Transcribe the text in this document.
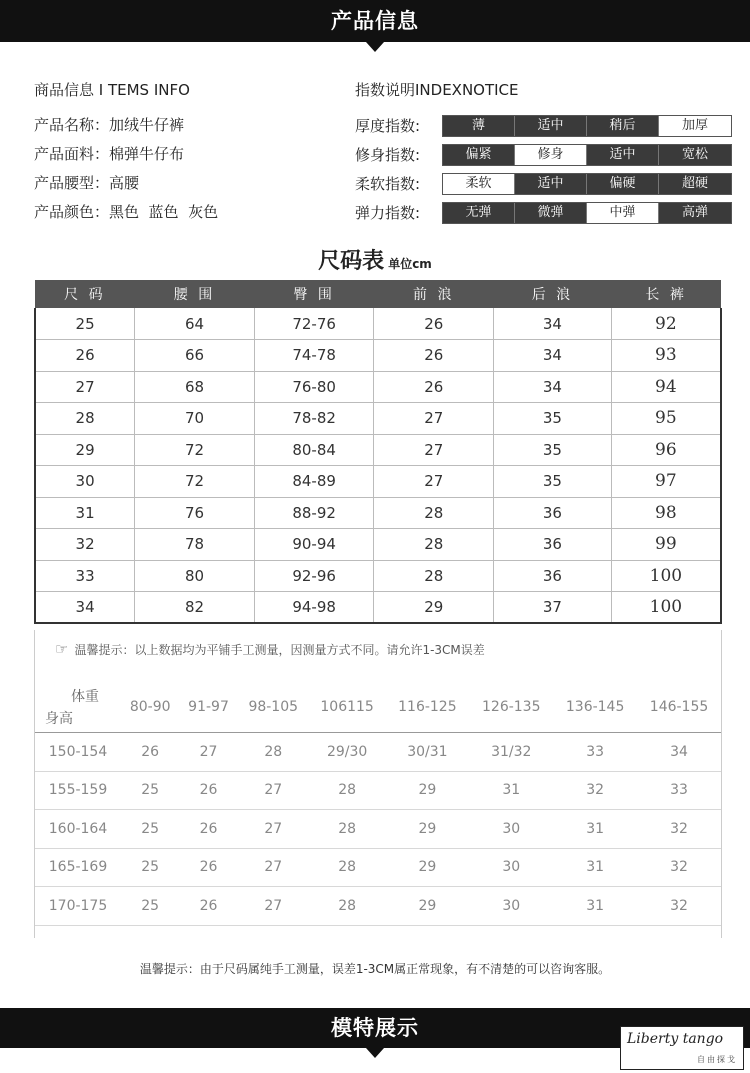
产品信息
商品信息 I TEMS INFO
产品名称：加绒牛仔裤
产品面料：棉弹牛仔布
产品腰型：高腰
产品颜色：黑色  蓝色  灰色
指数说明INDEXNOTICE
厚度指数:	薄	适中	稍后	加厚
修身指数:	偏紧	修身	适中	宽松
柔软指数:	柔软	适中	偏硬	超硬
弹力指数:	无弹	微弹	中弹	高弹
尺码表 单位cm
尺 码	腰 围	臀 围	前 浪	后 浪	长 裤
25	64	72-76	26	34	92
26	66	74-78	26	34	93
27	68	76-80	26	34	94
28	70	78-82	27	35	95
29	72	80-84	27	35	96
30	72	84-89	27	35	97
31	76	88-92	28	36	98
32	78	90-94	28	36	99
33	80	92-96	28	36	100
34	82	94-98	29	37	100
☞ 温馨提示：以上数据均为平铺手工测量，因测量方式不同。请允许1-3CM误差
体重
身高	80-90	91-97	98-105	106115	116-125	126-135	136-145	146-155
150-154	26	27	28	29/30	30/31	31/32	33	34
155-159	25	26	27	28	29	31	32	33
160-164	25	26	27	28	29	30	31	32
165-169	25	26	27	28	29	30	31	32
170-175	25	26	27	28	29	30	31	32
温馨提示：由于尺码属纯手工测量，误差1-3CM属正常现象，有不清楚的可以咨询客服。
模特展示	Liberty tango
自由探戈
